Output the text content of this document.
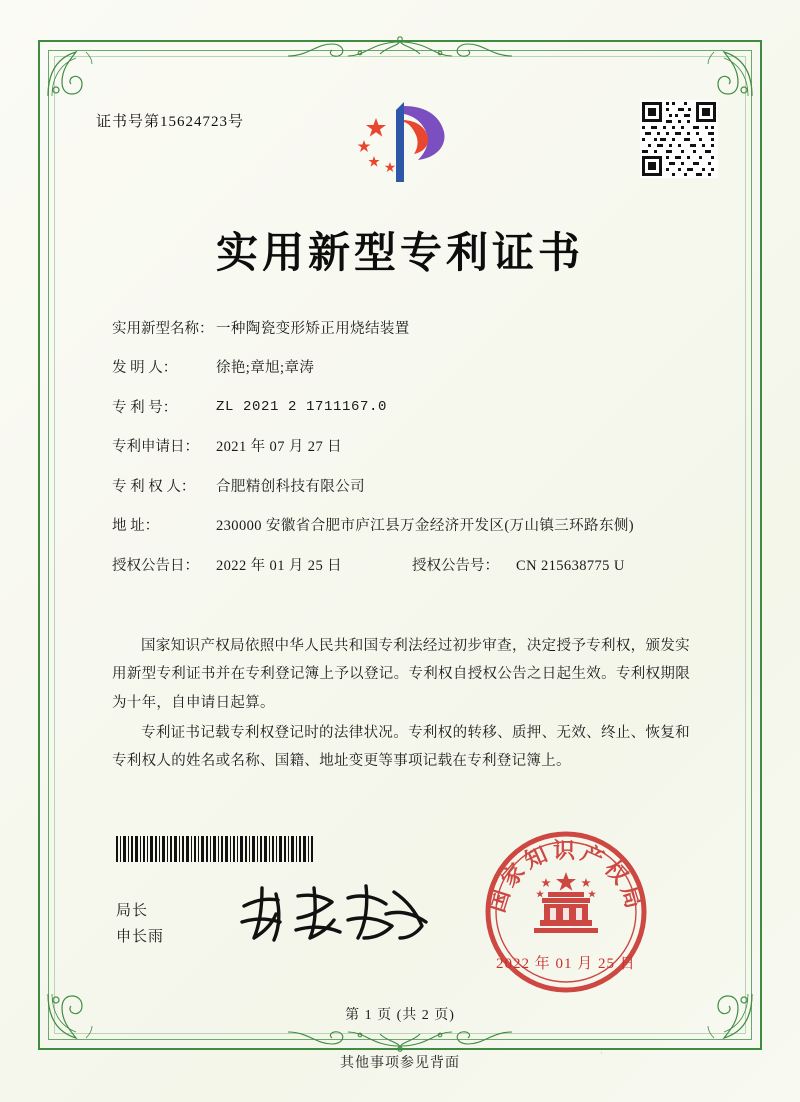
证书号第15624723号
实用新型专利证书
实用新型名称： 一种陶瓷变形矫正用烧结装置
发 明 人：	徐艳;章旭;章涛
专 利 号：	ZL 2021 2 1711167.0
专利申请日：	2021 年 07 月 27 日
专 利 权 人：	合肥精创科技有限公司
地 址：	230000 安徽省合肥市庐江县万金经济开发区(万山镇三环路东侧)
授权公告日：	2022 年 01 月 25 日	授权公告号：	CN 215638775 U

国家知识产权局依照中华人民共和国专利法经过初步审查，决定授予专利权，颁发实用新型专利证书并在专利登记簿上予以登记。专利权自授权公告之日起生效。专利权期限为十年，自申请日起算。

专利证书记载专利权登记时的法律状况。专利权的转移、质押、无效、终止、恢复和专利权人的姓名或名称、国籍、地址变更等事项记载在专利登记簿上。

局长
申长雨
国家知识产权局
2022 年 01 月 25 日
第 1 页 (共 2 页)
其他事项参见背面
·
